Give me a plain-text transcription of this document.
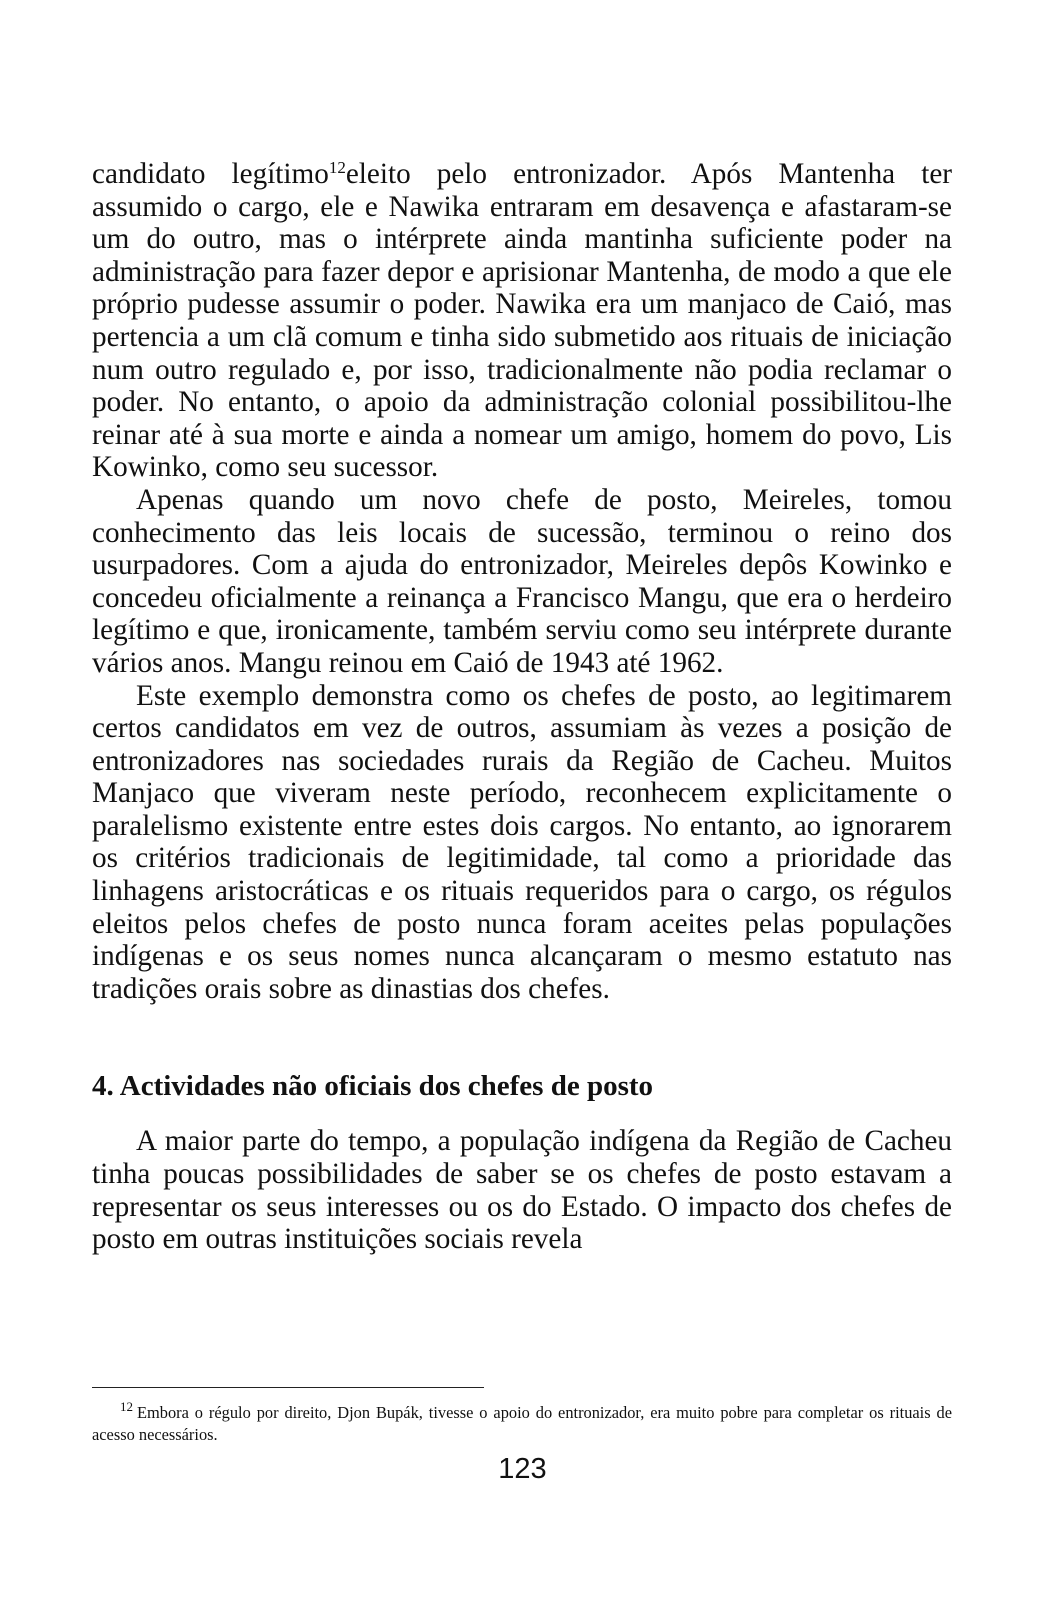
candidato legítimo$^{12}$eleito pelo entronizador. Após Mantenha ter assumido o cargo, ele e Nawika entraram em desavença e afastaram-se um do outro, mas o intérprete ainda mantinha suficiente poder na administração para fazer depor e aprisionar Mantenha, de modo a que ele próprio pudesse assumir o poder. Nawika era um manjaco de Caió, mas pertencia a um clã comum e tinha sido submetido aos rituais de iniciação num outro regulado e, por isso, tradicionalmente não podia reclamar o poder. No entanto, o apoio da administração colonial possibilitou-lhe reinar até à sua morte e ainda a nomear um amigo, homem do povo, Lis Kowinko, como seu sucessor.

Apenas quando um novo chefe de posto, Meireles, tomou conhecimento das leis locais de sucessão, terminou o reino dos usurpadores. Com a ajuda do entronizador, Meireles depôs Kowinko e concedeu oficialmente a reinança a Francisco Mangu, que era o herdeiro legítimo e que, ironicamente, também serviu como seu intérprete durante vários anos. Mangu reinou em Caió de 1943 até 1962.

Este exemplo demonstra como os chefes de posto, ao legitimarem certos candidatos em vez de outros, assumiam às vezes a posição de entronizadores nas sociedades rurais da Região de Cacheu. Muitos Manjaco que viveram neste período, reconhecem explicitamente o paralelismo existente entre estes dois cargos. No entanto, ao ignorarem os critérios tradicionais de legitimidade, tal como a prioridade das linhagens aristocráticas e os rituais requeridos para o cargo, os régulos eleitos pelos chefes de posto nunca foram aceites pelas populações indígenas e os seus nomes nunca alcançaram o mesmo estatuto nas tradições orais sobre as dinastias dos chefes.

4. Actividades não oficiais dos chefes de posto

A maior parte do tempo, a população indígena da Região de Cacheu tinha poucas possibilidades de saber se os chefes de posto estavam a representar os seus interesses ou os do Estado. O impacto dos chefes de posto em outras instituições sociais revela

$^{12}$ Embora o régulo por direito, Djon Bupák, tivesse o apoio do entronizador, era muito pobre para completar os rituais de acesso necessários.

123
